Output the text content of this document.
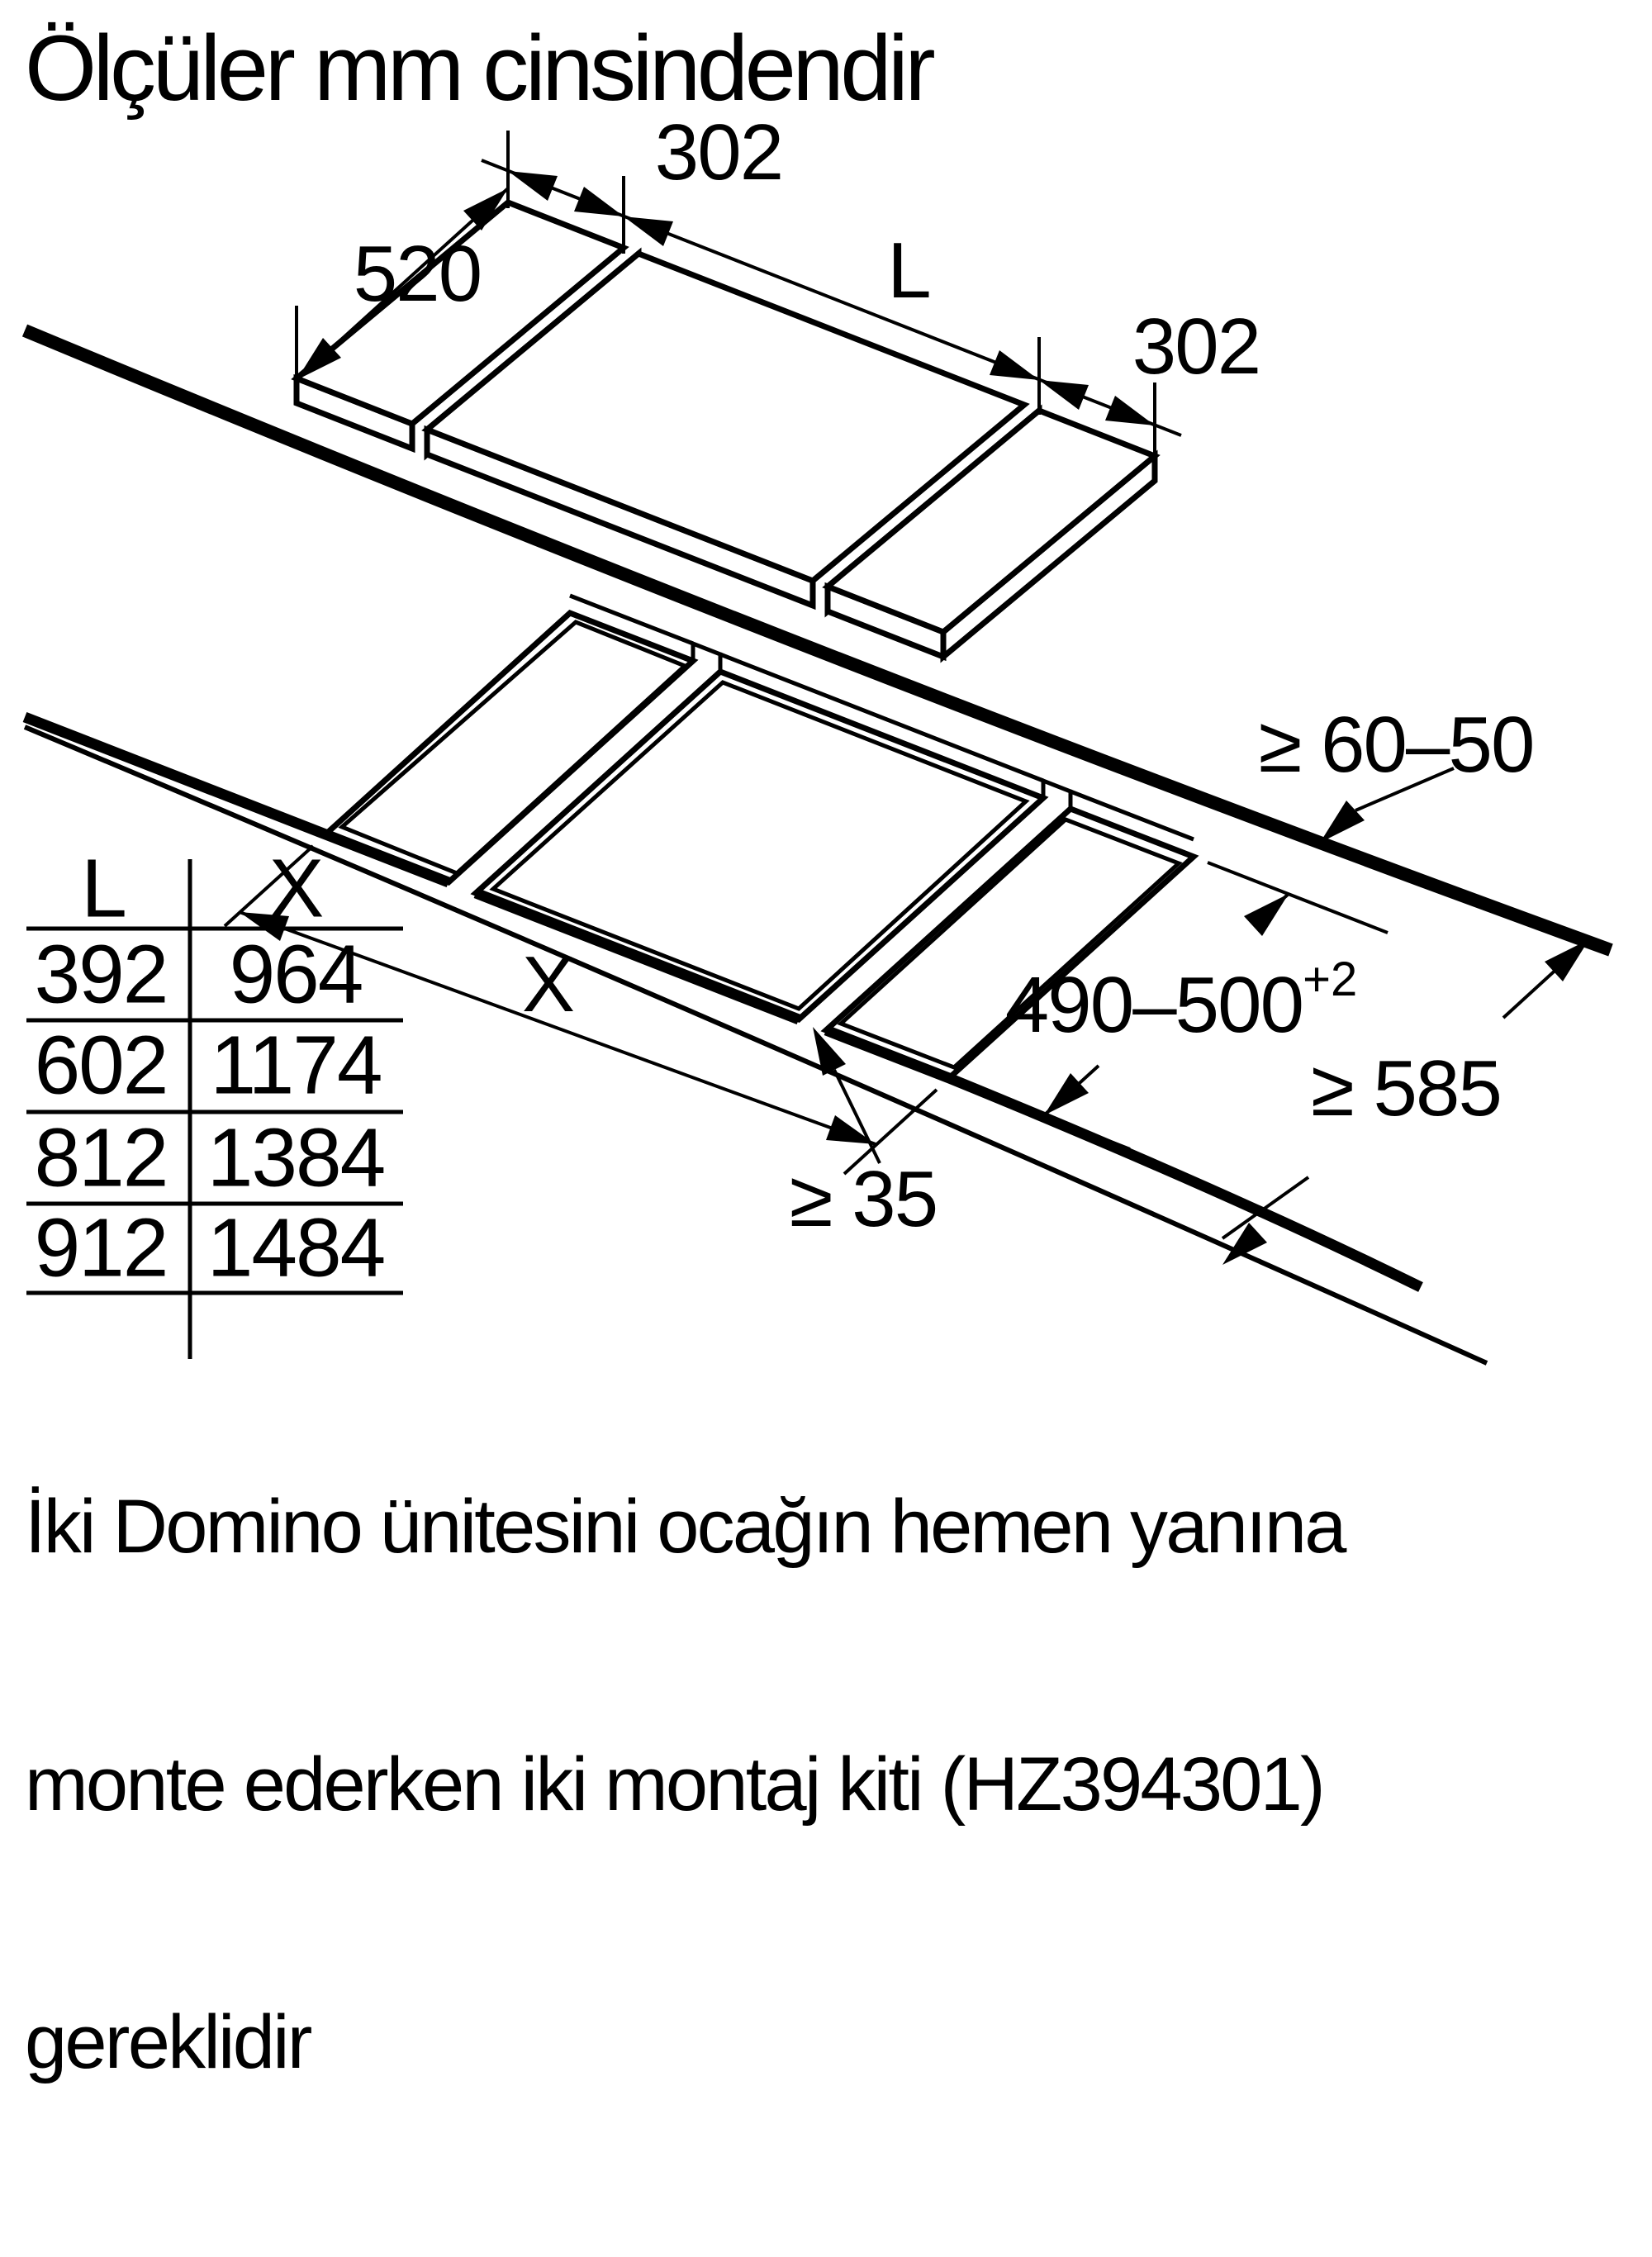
Ölçüler mm cinsindendir
302
520	L
302
X
≥ 35
$490-500^{+2}$
≥ 60–50
≥ 585
L X
392 964
602 1174
812 1384
912 1484

İki Domino ünitesini ocağın hemen yanına

monte ederken iki montaj kiti (HZ394301)

gereklidir
